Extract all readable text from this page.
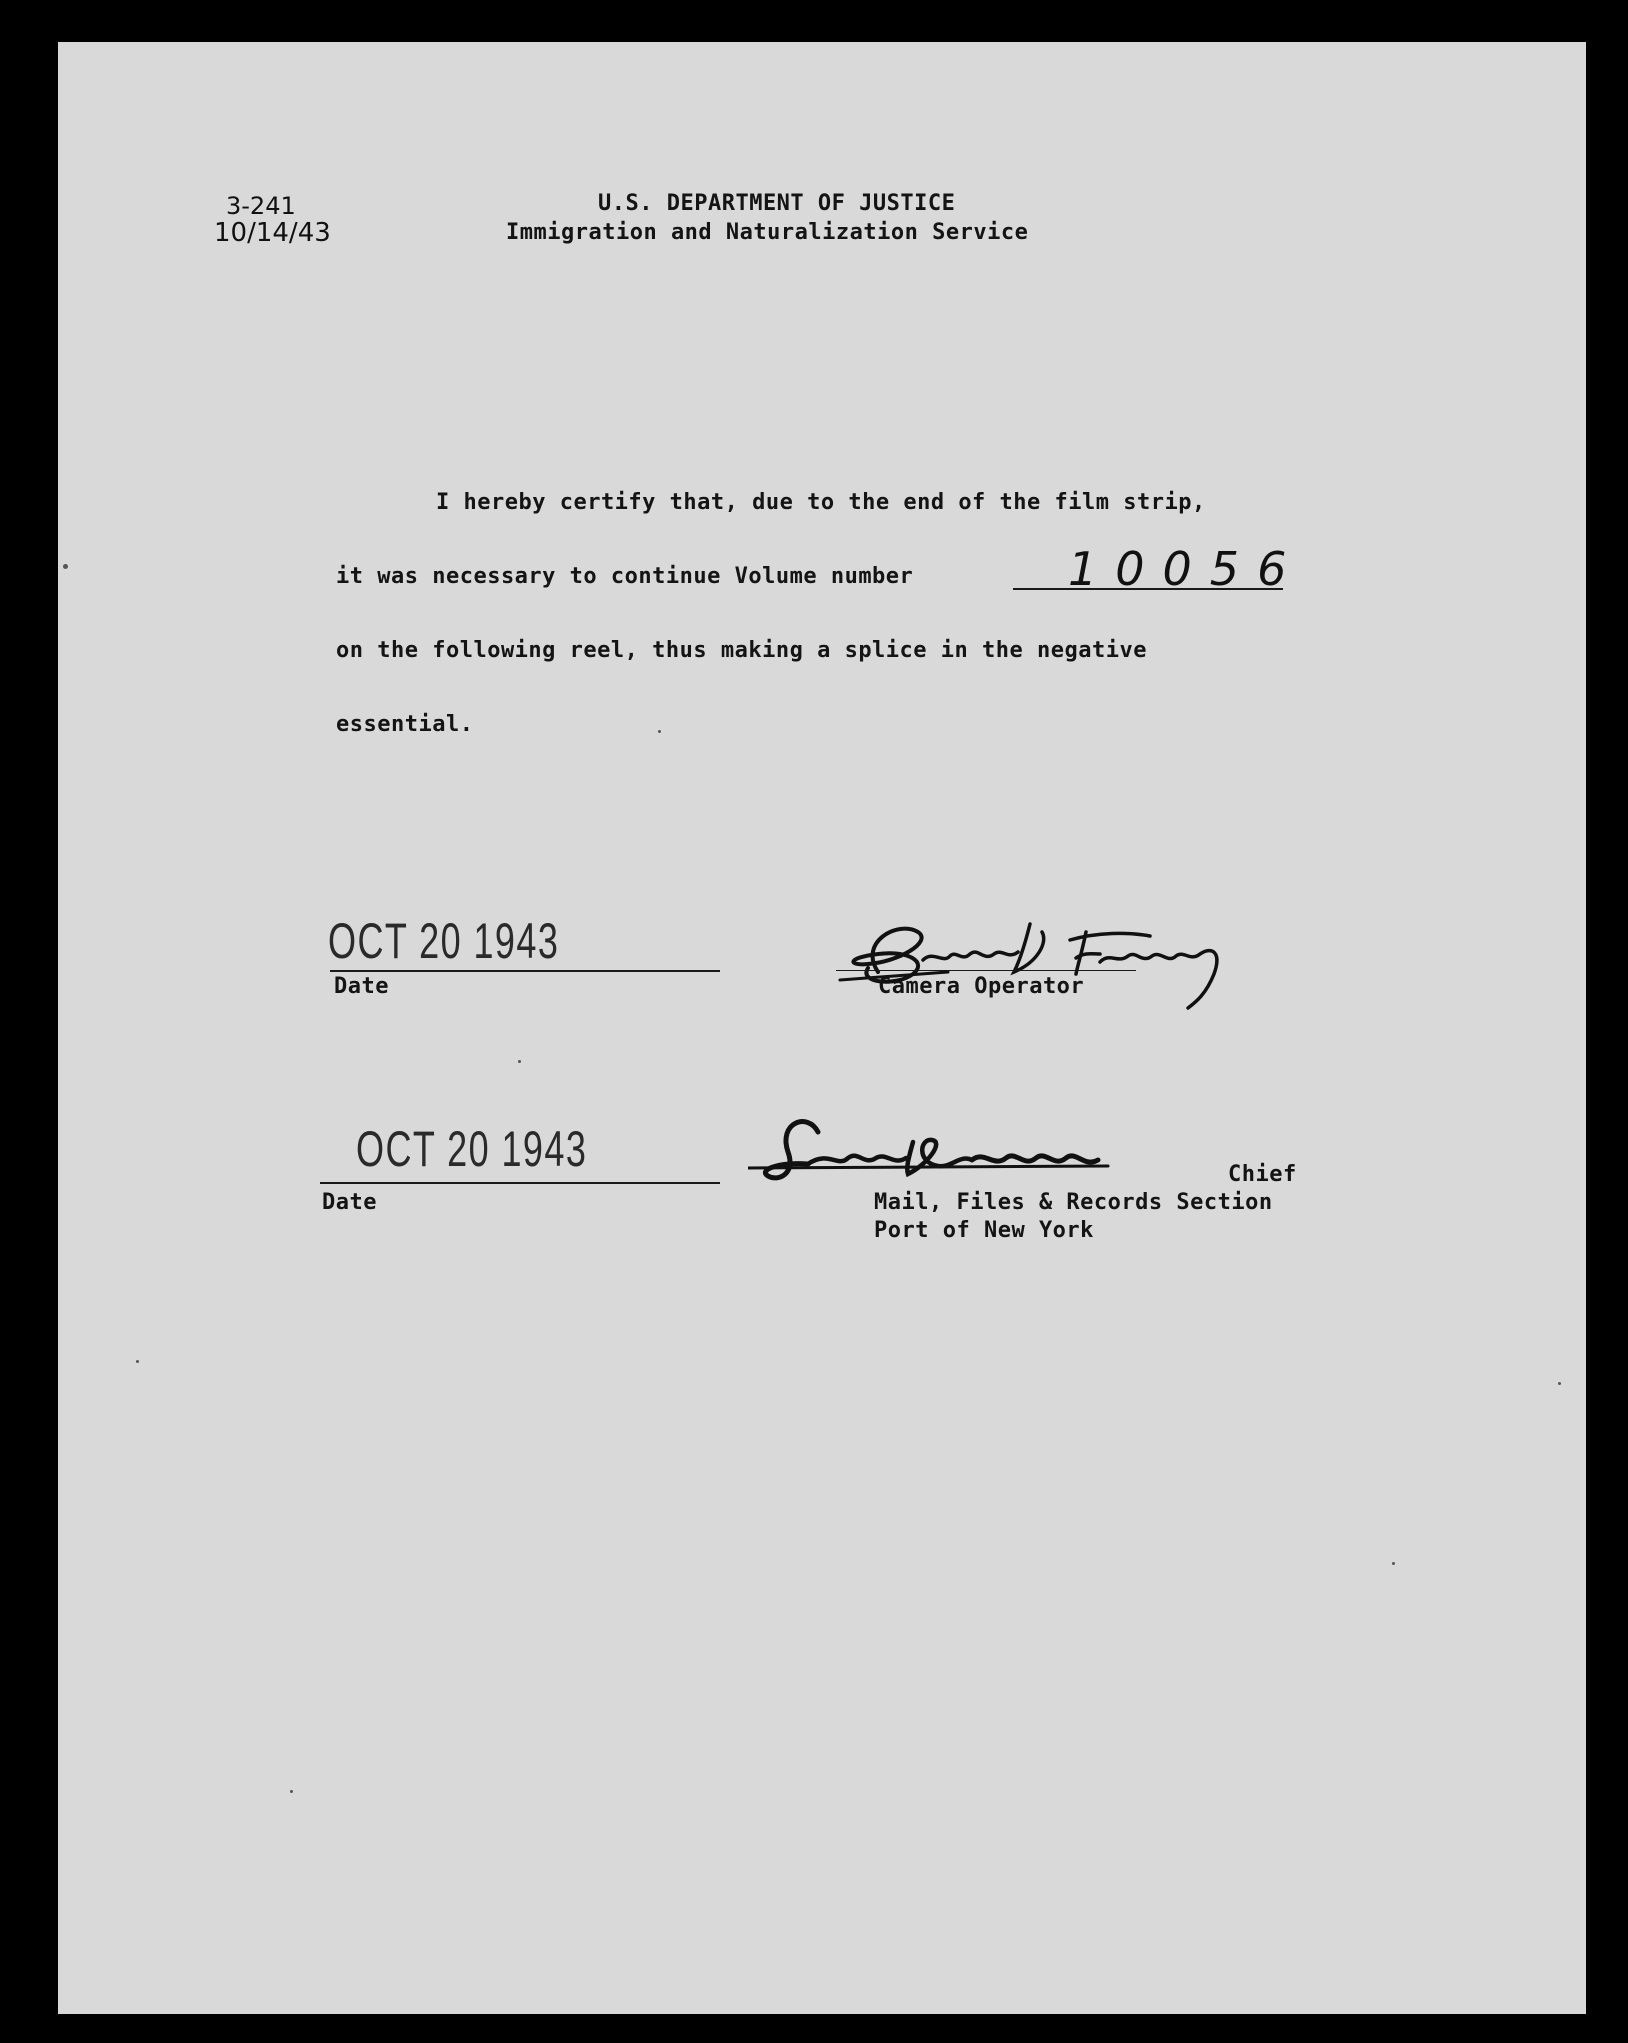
3-241
10/14/43
U.S. DEPARTMENT OF JUSTICE
Immigration and Naturalization Service
I hereby certify that, due to the end of the film strip,
it was necessary to continue Volume number	10056
on the following reel, thus making a splice in the negative
essential.
OCT 20 1943
Date
Eleanor Fearing
Camera Operator
OCT 20 1943
Date
Chief
Mail, Files & Records Section
Port of New York
